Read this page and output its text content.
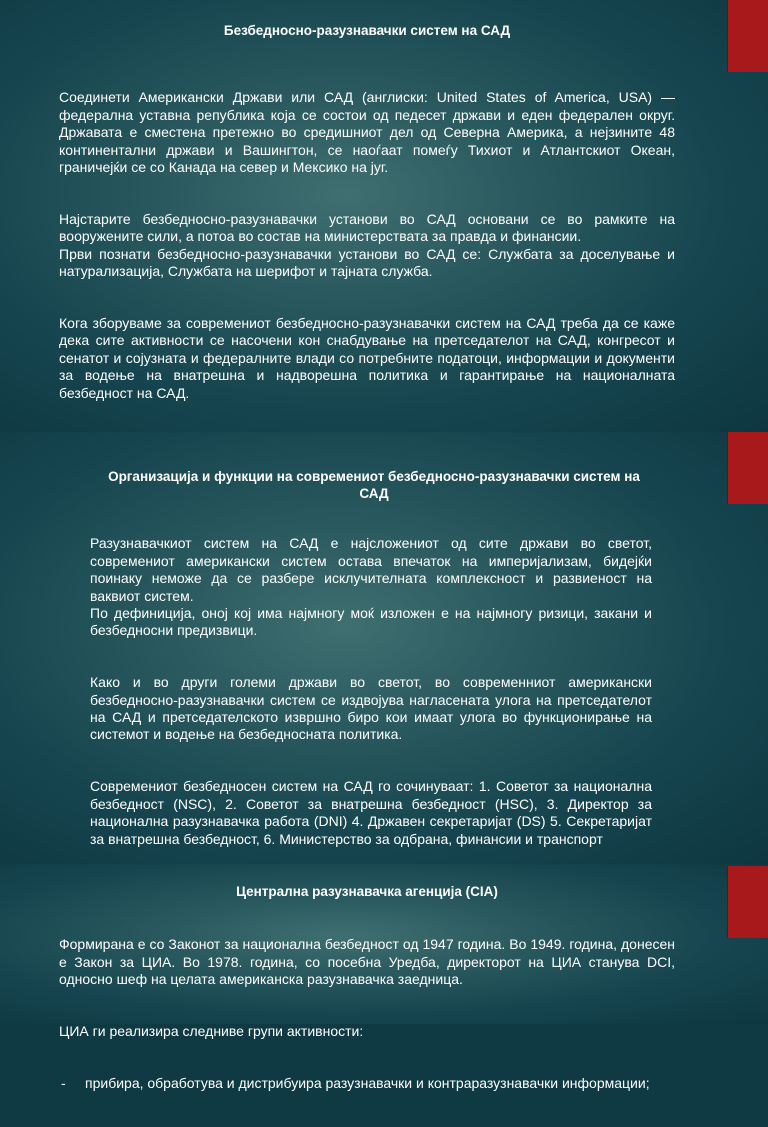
Безбедносно-разузнавачки систем на САД

Соединети Американски Држави или САД (англиски: United States of America, USA) — федерална уставна република која се состои од педесет држави и еден федерален округ. Државата е сместена претежно во средишниот дел од Северна Америка, а нејзините 48 континентални држави и Вашингтон, се наоѓаат помеѓу Тихиот и Атлантскиот Океан, граничејќи се со Канада на север и Мексико на југ.

Најстарите безбедносно-разузнавачки установи во САД основани се во рамките на вооружените сили, а потоа во состав на министерствата за правда и финансии.
Први познати безбедносно-разузнавачки установи во САД се: Службата за доселување и натурализација, Службата на шерифот и тајната служба.

Кога зборуваме за современиот безбедносно-разузнавачки систем на САД треба да се каже дека сите активности се насочени кон снабдување на претседателот на САД, конгресот и сенатот и сојузната и федералните влади со потребните податоци, информации и документи за водење на внатрешна и надворешна политика и гарантирање на националната безбедност на САД.

Организација и функции на современиот безбедносно-разузнавачки систем на САД

Разузнавачкиот систем на САД е најсложениот од сите држави во светот, современиот американски систем остава впечаток на империјализам, бидејќи поинаку неможе да се разбере исклучителната комплексност и развиеност на ваквиот систем.
По дефиниција, оној кој има најмногу моќ изложен е на најмногу ризици, закани и безбедносни предизвици.

Како и во други големи држави во светот, во современниот американски безбедносно-разузнавачки систем се издвојува нагласената улога на претседателот на САД и претседателското извршно биро кои имаат улога во функционирање на системот и водење на безбедносната политика.

Современиот безбедносен систем на САД го сочинуваат: 1. Советот за национална безбедност (NSC), 2. Советот за внатрешна безбедност (HSC), 3. Директор за национална разузнавачка работа (DNI) 4. Државен секретаријат (DS) 5. Секретаријат за внатрешна безбедност, 6. Министерство за одбрана, финансии и транспорт

Централна разузнавачка агенција (CIA)

Формирана е со Законот за национална безбедност од 1947 година. Во 1949. година, донесен е Закон за ЦИА. Во 1978. година, со посебна Уредба, директорот на ЦИА станува DCI, односно шеф на целата американска разузнавачка заедница.

ЦИА ги реализира следниве групи активности:

- прибира, обработува и дистрибуира разузнавачки и контраразузнавачки информации;
